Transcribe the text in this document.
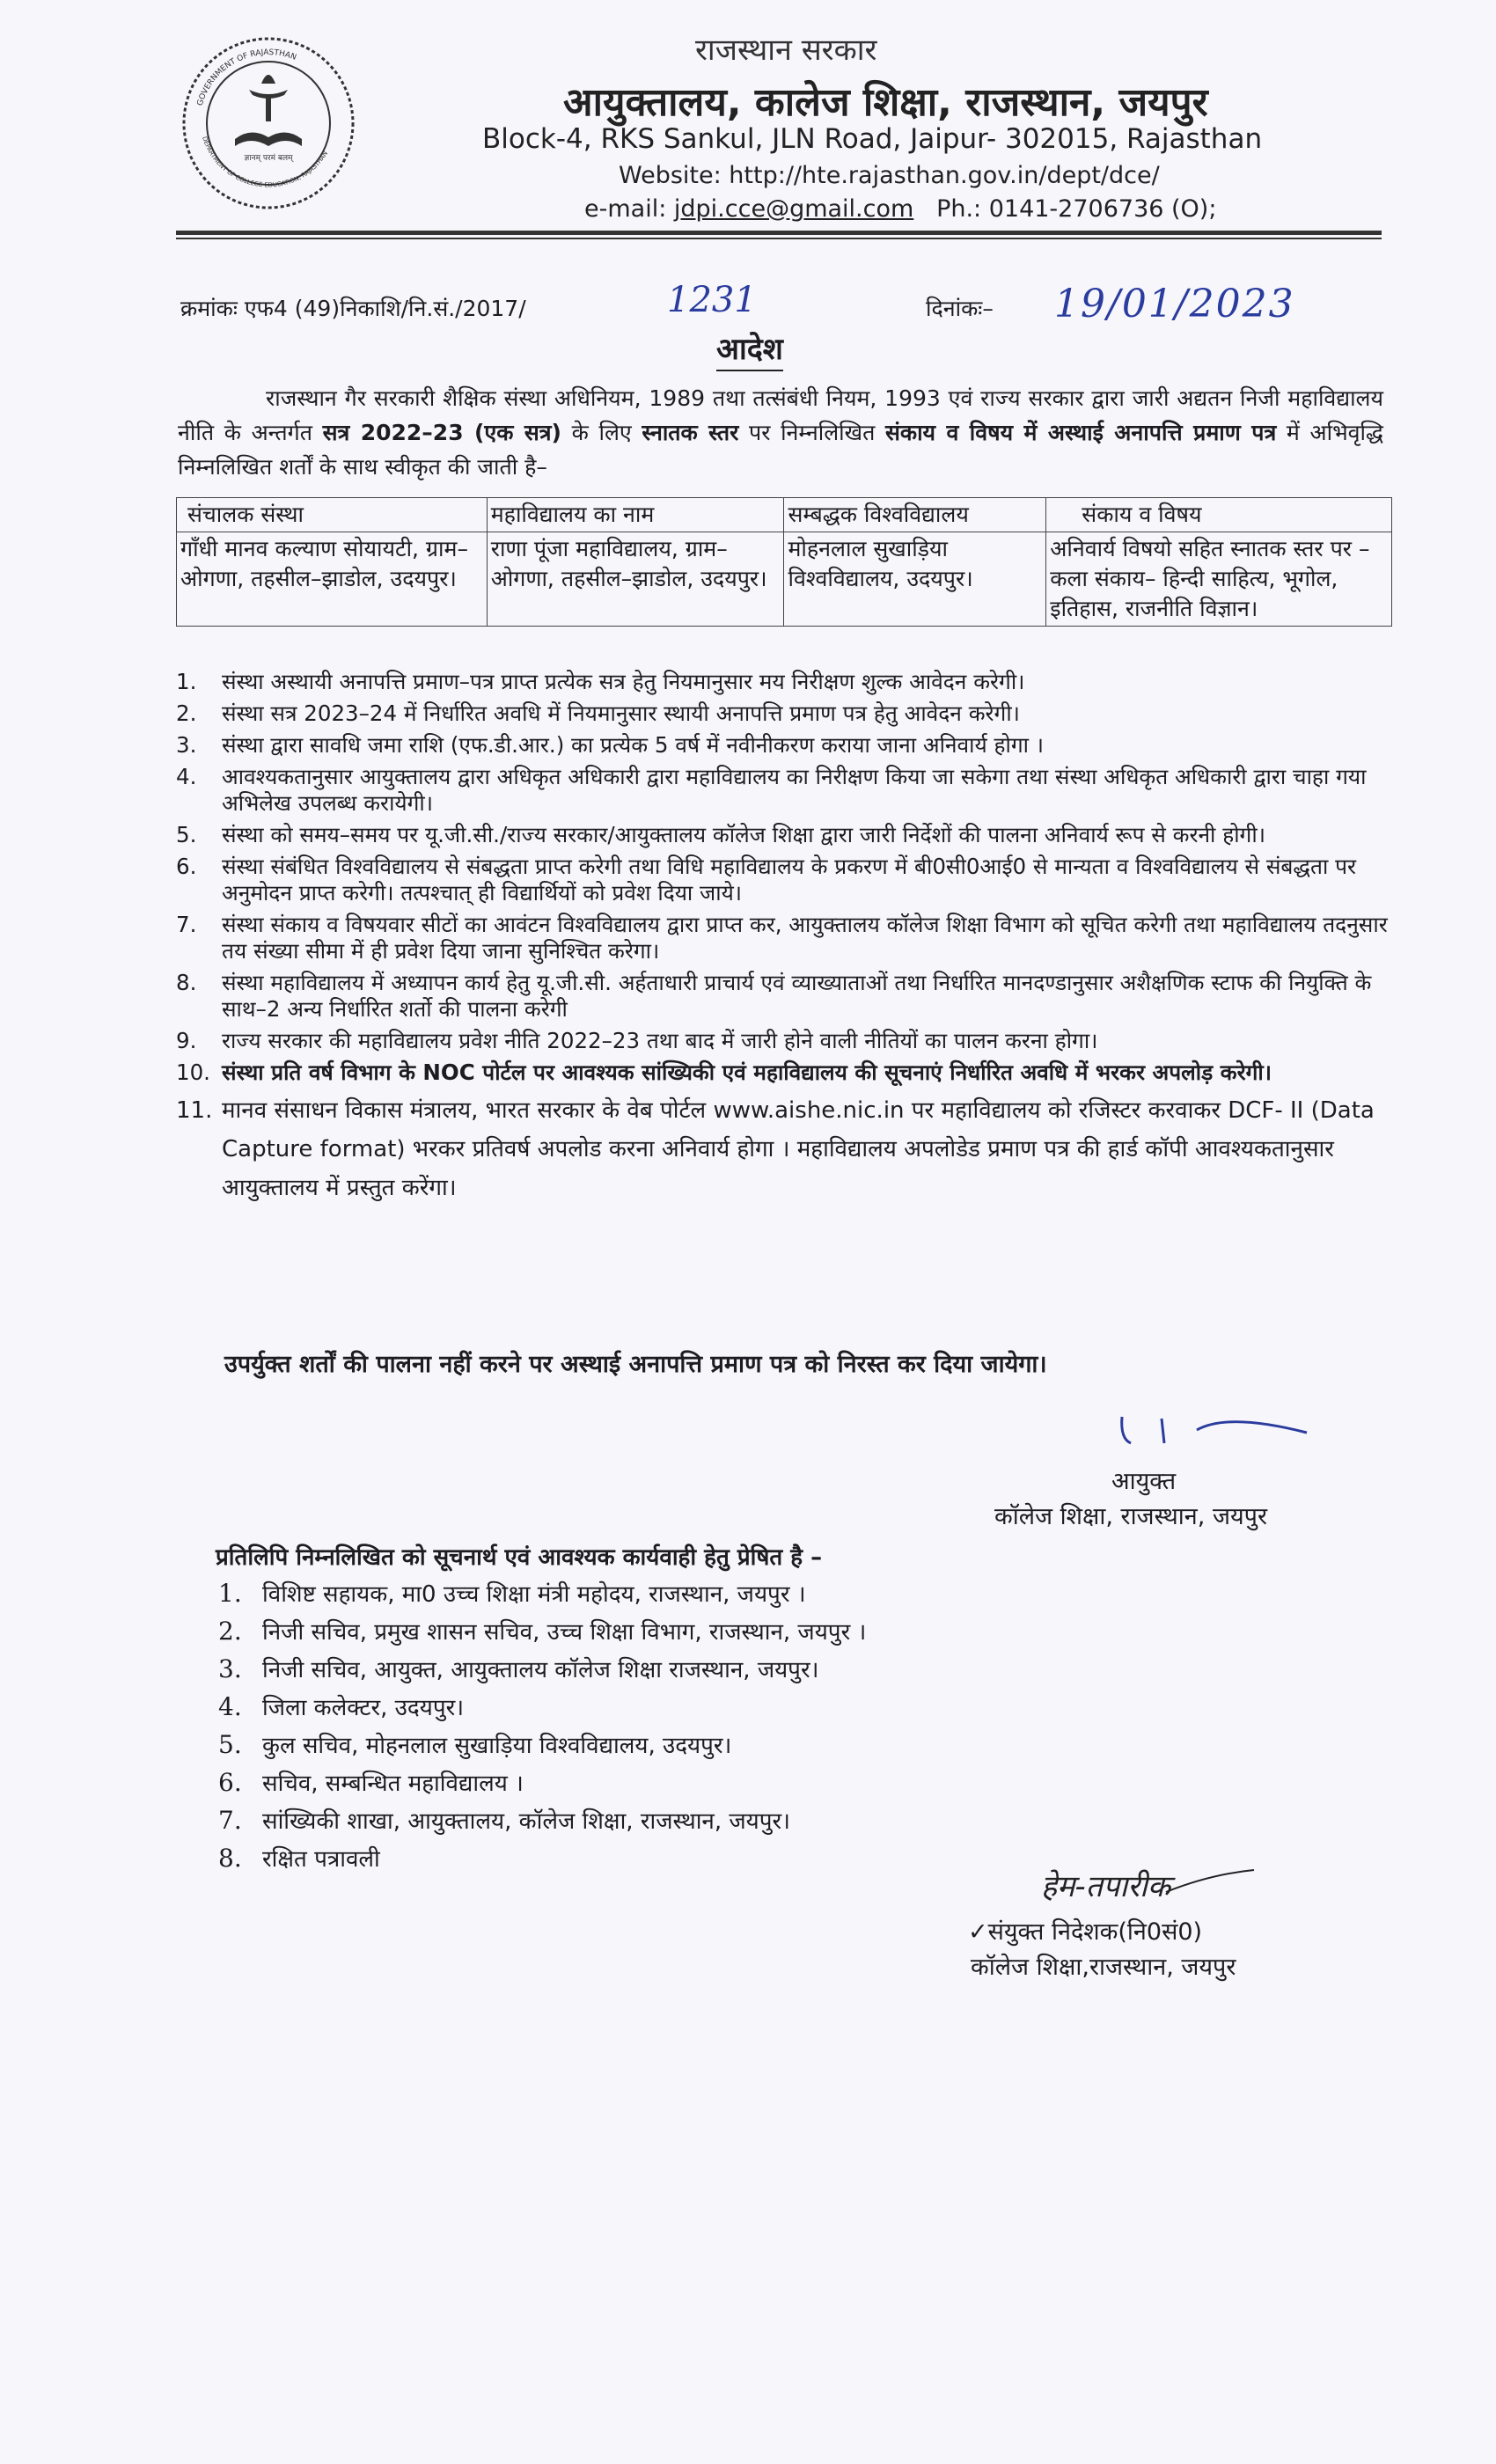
GOVERNMENT OF RAJASTHAN
DEPARTMENT OF COLLEGE EDUCATION, RAJASTHAN
ज्ञानम् परमं बलम्
राजस्थान सरकार
आयुक्तालय, कालेज शिक्षा, राजस्थान, जयपुर
Block-4, RKS Sankul, JLN Road, Jaipur- 302015, Rajasthan
Website: http://hte.rajasthan.gov.in/dept/dce/
e-mail: jdpi.cce@gmail.com Ph.: 0141-2706736 (O);
क्रमांकः एफ4 (49)निकाशि/नि.सं./2017/	1231	दिनांकः– 19/01/2023
आदेश
राजस्थान गैर सरकारी शैक्षिक संस्था अधिनियम, 1989 तथा तत्संबंधी नियम, 1993 एवं राज्य सरकार द्वारा जारी अद्यतन निजी महाविद्यालय नीति के अन्तर्गत सत्र 2022–23 (एक सत्र) के लिए स्नातक स्तर पर निम्नलिखित संकाय व विषय में अस्थाई अनापत्ति प्रमाण पत्र में अभिवृद्धि निम्नलिखित शर्तों के साथ स्वीकृत की जाती है–
संचालक संस्था	महाविद्यालय का नाम	सम्बद्धक विश्वविद्यालय	संकाय व विषय
गाँधी मानव कल्याण सोयायटी, ग्राम–ओगणा, तहसील–झाडोल, उदयपुर।	राणा पूंजा महाविद्यालय, ग्राम–ओगणा, तहसील–झाडोल, उदयपुर।	मोहनलाल सुखाड़िया विश्वविद्यालय, उदयपुर।	अनिवार्य विषयो सहित स्नातक स्तर पर – कला संकाय– हिन्दी साहित्य, भूगोल, इतिहास, राजनीति विज्ञान।
1. संस्था अस्थायी अनापत्ति प्रमाण–पत्र प्राप्त प्रत्येक सत्र हेतु नियमानुसार मय निरीक्षण शुल्क आवेदन करेगी।
2. संस्था सत्र 2023–24 में निर्धारित अवधि में नियमानुसार स्थायी अनापत्ति प्रमाण पत्र हेतु आवेदन करेगी।
3. संस्था द्वारा सावधि जमा राशि (एफ.डी.आर.) का प्रत्येक 5 वर्ष में नवीनीकरण कराया जाना अनिवार्य होगा ।
4. आवश्यकतानुसार आयुक्तालय द्वारा अधिकृत अधिकारी द्वारा महाविद्यालय का निरीक्षण किया जा सकेगा तथा संस्था अधिकृत अधिकारी द्वारा चाहा गया अभिलेख उपलब्ध करायेगी।
5. संस्था को समय–समय पर यू.जी.सी./राज्य सरकार/आयुक्तालय कॉलेज शिक्षा द्वारा जारी निर्देशों की पालना अनिवार्य रूप से करनी होगी।
6. संस्था संबंधित विश्वविद्यालय से संबद्धता प्राप्त करेगी तथा विधि महाविद्यालय के प्रकरण में बी0सी0आई0 से मान्यता व विश्वविद्यालय से संबद्धता पर अनुमोदन प्राप्त करेगी। तत्पश्चात् ही विद्यार्थियों को प्रवेश दिया जाये।
7. संस्था संकाय व विषयवार सीटों का आवंटन विश्वविद्यालय द्वारा प्राप्त कर, आयुक्तालय कॉलेज शिक्षा विभाग को सूचित करेगी तथा महाविद्यालय तदनुसार तय संख्या सीमा में ही प्रवेश दिया जाना सुनिश्चित करेगा।
8. संस्था महाविद्यालय में अध्यापन कार्य हेतु यू.जी.सी. अर्हताधारी प्राचार्य एवं व्याख्याताओं तथा निर्धारित मानदण्डानुसार अशैक्षणिक स्टाफ की नियुक्ति के साथ–2 अन्य निर्धारित शर्तो की पालना करेगी
9. राज्य सरकार की महाविद्यालय प्रवेश नीति 2022–23 तथा बाद में जारी होने वाली नीतियों का पालन करना होगा।
10. संस्था प्रति वर्ष विभाग के NOC पोर्टल पर आवश्यक सांख्यिकी एवं महाविद्यालय की सूचनाएं निर्धारित अवधि में भरकर अपलोड़ करेगी।
11. मानव संसाधन विकास मंत्रालय, भारत सरकार के वेब पोर्टल www.aishe.nic.in पर महाविद्यालय को रजिस्टर करवाकर DCF- II (Data Capture format) भरकर प्रतिवर्ष अपलोड करना अनिवार्य होगा । महाविद्यालय अपलोडेड प्रमाण पत्र की हार्ड कॉपी आवश्यकतानुसार आयुक्तालय में प्रस्तुत करेंगा।
उपर्युक्त शर्तों की पालना नहीं करने पर अस्थाई अनापत्ति प्रमाण पत्र को निरस्त कर दिया जायेगा।
आयुक्त
कॉलेज शिक्षा, राजस्थान, जयपुर
प्रतिलिपि निम्नलिखित को सूचनार्थ एवं आवश्यक कार्यवाही हेतु प्रेषित है –
1. विशिष्ट सहायक, मा0 उच्च शिक्षा मंत्री महोदय, राजस्थान, जयपुर ।
2. निजी सचिव, प्रमुख शासन सचिव, उच्च शिक्षा विभाग, राजस्थान, जयपुर ।
3. निजी सचिव, आयुक्त, आयुक्तालय कॉलेज शिक्षा राजस्थान, जयपुर।
4. जिला कलेक्टर, उदयपुर।
5. कुल सचिव, मोहनलाल सुखाड़िया विश्वविद्यालय, उदयपुर।
6. सचिव, सम्बन्धित महाविद्यालय ।
7. सांख्यिकी शाखा, आयुक्तालय, कॉलेज शिक्षा, राजस्थान, जयपुर।
8. रक्षित पत्रावली
हेम-तपारीक
✓संयुक्त निदेशक(नि0सं0)
कॉलेज शिक्षा,राजस्थान, जयपुर
